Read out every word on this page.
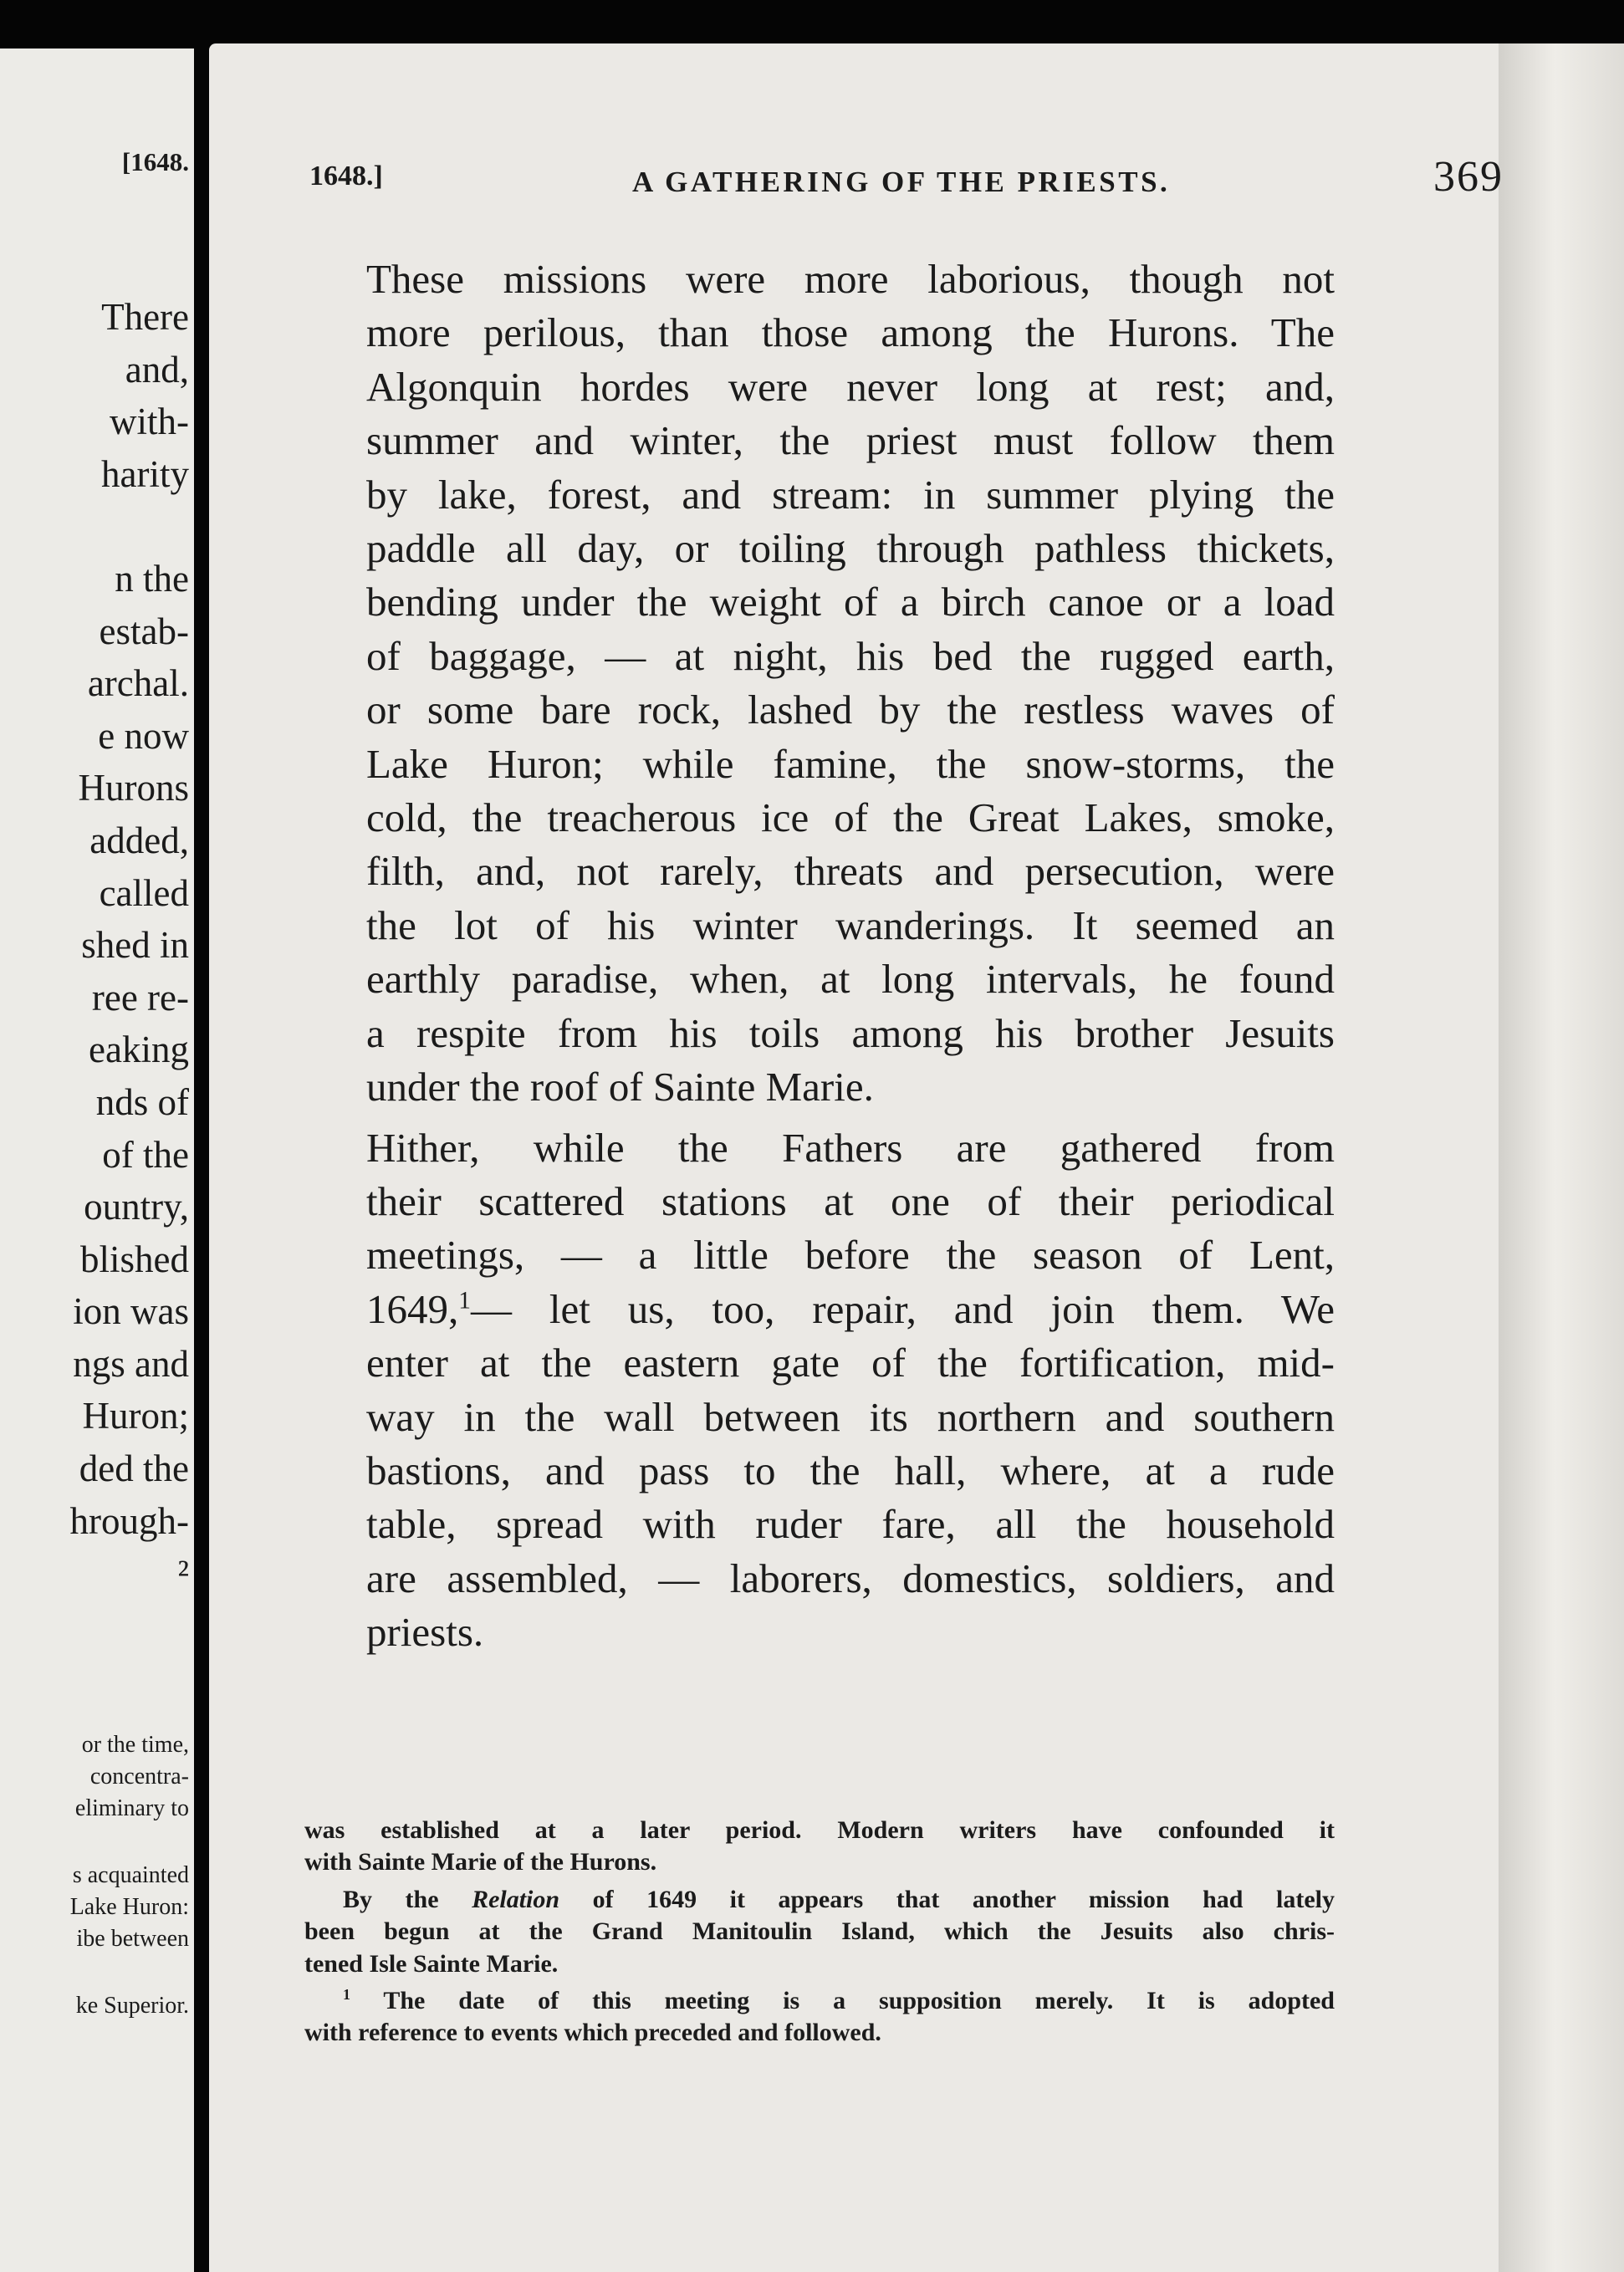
[1648.
There
and,
with-
harity

n the
estab-
archal.
e now
Hurons
added,
called
shed in
ree re-
eaking
nds of
of the
ountry,
blished
ion was
ngs and
Huron;
ded the
hrough-
²
or the time,
concentra-
eliminary to
s acquainted
Lake Huron:
ibe between
ke Superior.
1648.]	A GATHERING OF THE PRIESTS.	369

These missions were more laborious, though not
more perilous, than those among the Hurons. The
Algonquin hordes were never long at rest; and,
summer and winter, the priest must follow them
by lake, forest, and stream: in summer plying the
paddle all day, or toiling through pathless thickets,
bending under the weight of a birch canoe or a load
of baggage, — at night, his bed the rugged earth,
or some bare rock, lashed by the restless waves of
Lake Huron; while famine, the snow-storms, the
cold, the treacherous ice of the Great Lakes, smoke,
filth, and, not rarely, threats and persecution, were
the lot of his winter wanderings. It seemed an
earthly paradise, when, at long intervals, he found
a respite from his toils among his brother Jesuits
under the roof of Sainte Marie.

Hither, while the Fathers are gathered from
their scattered stations at one of their periodical
meetings, — a little before the season of Lent,
1649,$^1$— let us, too, repair, and join them. We
enter at the eastern gate of the fortification, mid-
way in the wall between its northern and southern
bastions, and pass to the hall, where, at a rude
table, spread with ruder fare, all the household
are assembled, — laborers, domestics, soldiers, and
priests.

was established at a later period. Modern writers have confounded it
with Sainte Marie of the Hurons.

By the Relation of 1649 it appears that another mission had lately
been begun at the Grand Manitoulin Island, which the Jesuits also chris-
tened Isle Sainte Marie.

$^1$ The date of this meeting is a supposition merely. It is adopted
with reference to events which preceded and followed.
